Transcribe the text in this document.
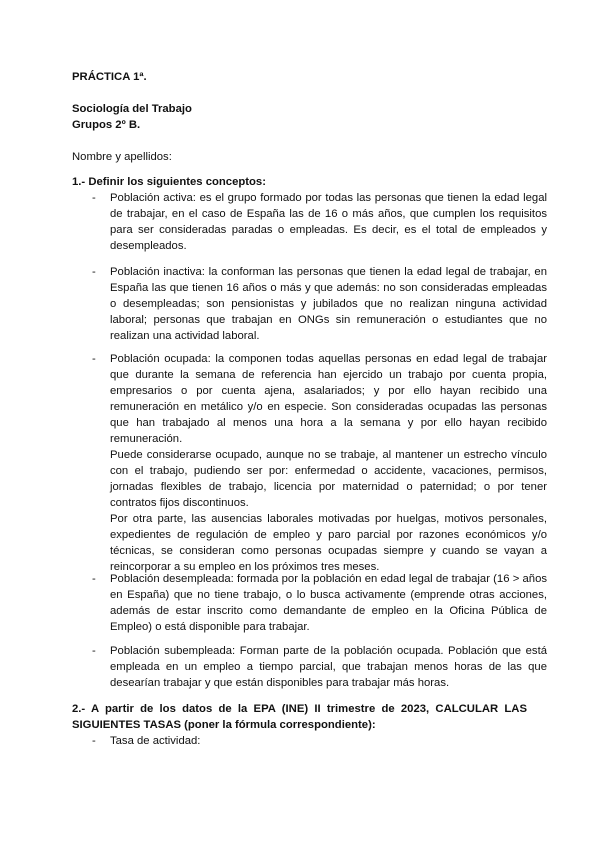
PRÁCTICA 1ª.
Sociología del Trabajo
Grupos 2º B.
Nombre y apellidos:
1.- Definir los siguientes conceptos:
- Población activa: es el grupo formado por todas las personas que tienen la edad legal de trabajar, en el caso de España las de 16 o más años, que cumplen los requisitos para ser consideradas paradas o empleadas. Es decir, es el total de empleados y desempleados.

- Población inactiva: la conforman las personas que tienen la edad legal de trabajar, en España las que tienen 16 años o más y que además: no son consideradas empleadas o desempleadas; son pensionistas y jubilados que no realizan ninguna actividad laboral; personas que trabajan en ONGs sin remuneración o estudiantes que no realizan una actividad laboral.

- Población ocupada: la componen todas aquellas personas en edad legal de trabajar que durante la semana de referencia han ejercido un trabajo por cuenta propia, empresarios o por cuenta ajena, asalariados; y por ello hayan recibido una remuneración en metálico y/o en especie. Son consideradas ocupadas las personas que han trabajado al menos una hora a la semana y por ello hayan recibido remuneración.

Puede considerarse ocupado, aunque no se trabaje, al mantener un estrecho vínculo con el trabajo, pudiendo ser por: enfermedad o accidente, vacaciones, permisos, jornadas flexibles de trabajo, licencia por maternidad o paternidad; o por tener contratos fijos discontinuos.

Por otra parte, las ausencias laborales motivadas por huelgas, motivos personales, expedientes de regulación de empleo y paro parcial por razones económicos y/o técnicas, se consideran como personas ocupadas siempre y cuando se vayan a reincorporar a su empleo en los próximos tres meses.

- Población desempleada: formada por la población en edad legal de trabajar (16 > años en España) que no tiene trabajo, o lo busca activamente (emprende otras acciones, además de estar inscrito como demandante de empleo en la Oficina Pública de Empleo) o está disponible para trabajar.

- Población subempleada: Forman parte de la población ocupada. Población que está empleada en un empleo a tiempo parcial, que trabajan menos horas de las que desearían trabajar y que están disponibles para trabajar más horas.

2.- A partir de los datos de la EPA (INE) II trimestre de 2023, CALCULAR LAS SIGUIENTES TASAS (poner la fórmula correspondiente):

- Tasa de actividad:
